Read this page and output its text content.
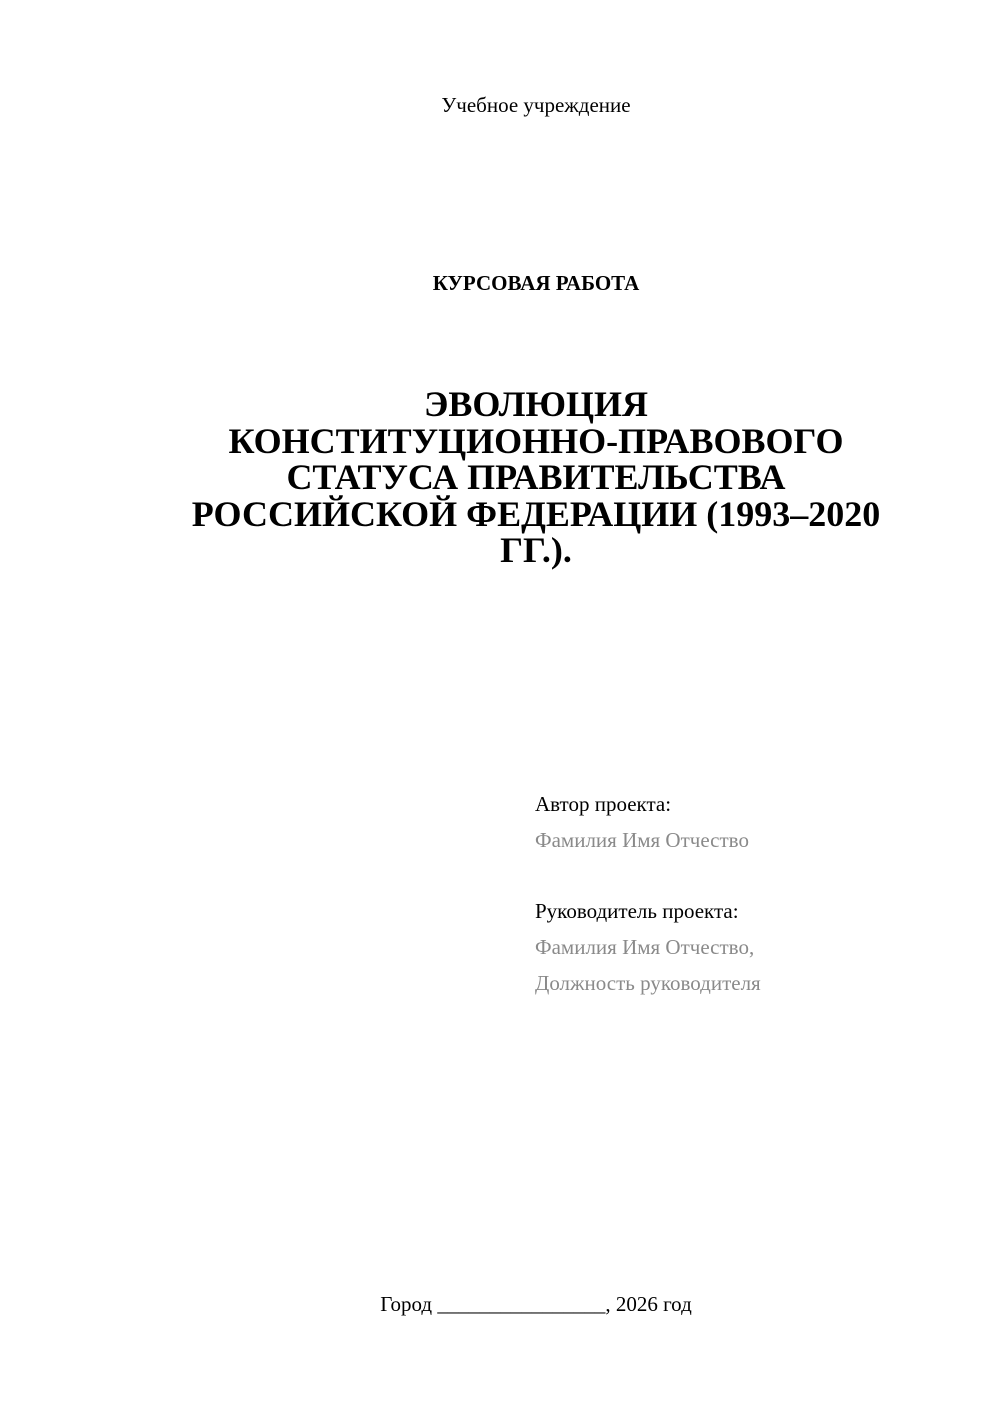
Учебное учреждение
КУРСОВАЯ РАБОТА
ЭВОЛЮЦИЯ
КОНСТИТУЦИОННО-ПРАВОВОГО
СТАТУСА ПРАВИТЕЛЬСТВА
РОССИЙСКОЙ ФЕДЕРАЦИИ (1993–2020
ГГ.).
Автор проекта:
Фамилия Имя Отчество
Руководитель проекта:
Фамилия Имя Отчество,
Должность руководителя
Город ________________, 2026 год
